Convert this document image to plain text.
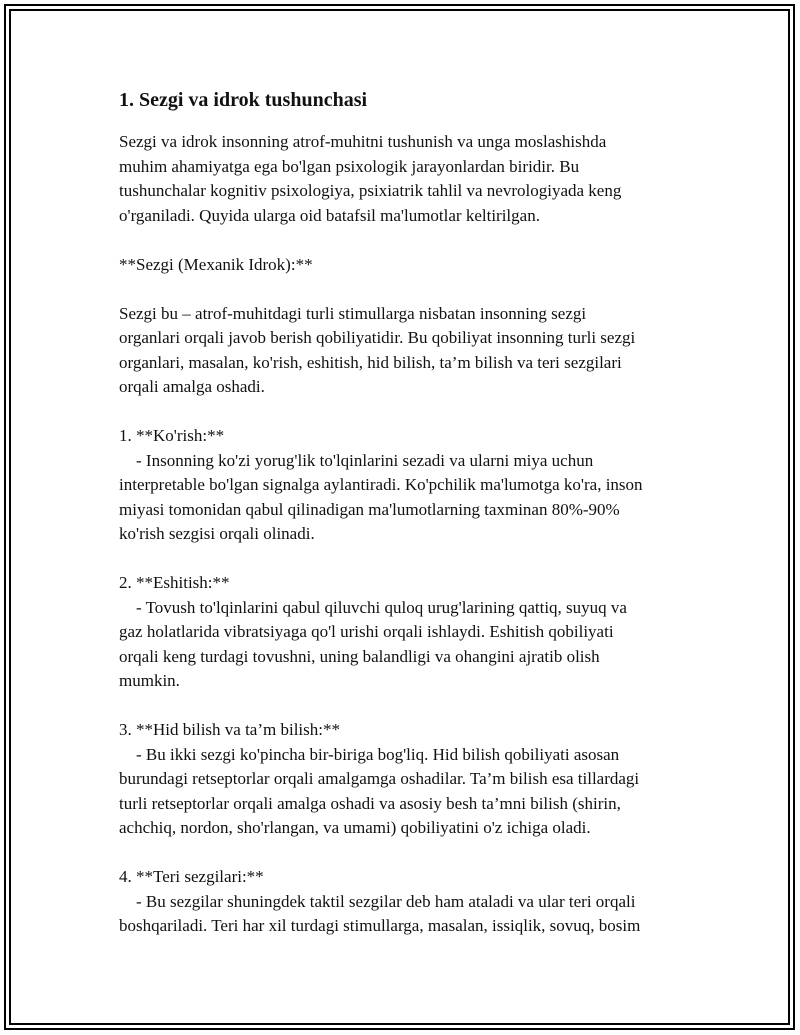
1. Sezgi va idrok tushunchasi
Sezgi va idrok insonning atrof-muhitni tushunish va unga moslashishda
muhim ahamiyatga ega bo'lgan psixologik jarayonlardan biridir. Bu
tushunchalar kognitiv psixologiya, psixiatrik tahlil va nevrologiyada keng
o'rganiladi. Quyida ularga oid batafsil ma'lumotlar keltirilgan.
**Sezgi (Mexanik Idrok):**
Sezgi bu – atrof-muhitdagi turli stimullarga nisbatan insonning sezgi
organlari orqali javob berish qobiliyatidir. Bu qobiliyat insonning turli sezgi
organlari, masalan, ko'rish, eshitish, hid bilish, ta’m bilish va teri sezgilari
orqali amalga oshadi.
1. **Ko'rish:**
- Insonning ko'zi yorug'lik to'lqinlarini sezadi va ularni miya uchun
interpretable bo'lgan signalga aylantiradi. Ko'pchilik ma'lumotga ko'ra, inson
miyasi tomonidan qabul qilinadigan ma'lumotlarning taxminan 80%-90%
ko'rish sezgisi orqali olinadi.
2. **Eshitish:**
- Tovush to'lqinlarini qabul qiluvchi quloq urug'larining qattiq, suyuq va
gaz holatlarida vibratsiyaga qo'l urishi orqali ishlaydi. Eshitish qobiliyati
orqali keng turdagi tovushni, uning balandligi va ohangini ajratib olish
mumkin.
3. **Hid bilish va ta’m bilish:**
- Bu ikki sezgi ko'pincha bir-biriga bog'liq. Hid bilish qobiliyati asosan
burundagi retseptorlar orqali amalgamga oshadilar. Ta’m bilish esa tillardagi
turli retseptorlar orqali amalga oshadi va asosiy besh ta’mni bilish (shirin,
achchiq, nordon, sho'rlangan, va umami) qobiliyatini o'z ichiga oladi.
4. **Teri sezgilari:**
- Bu sezgilar shuningdek taktil sezgilar deb ham ataladi va ular teri orqali
boshqariladi. Teri har xil turdagi stimullarga, masalan, issiqlik, sovuq, bosim
